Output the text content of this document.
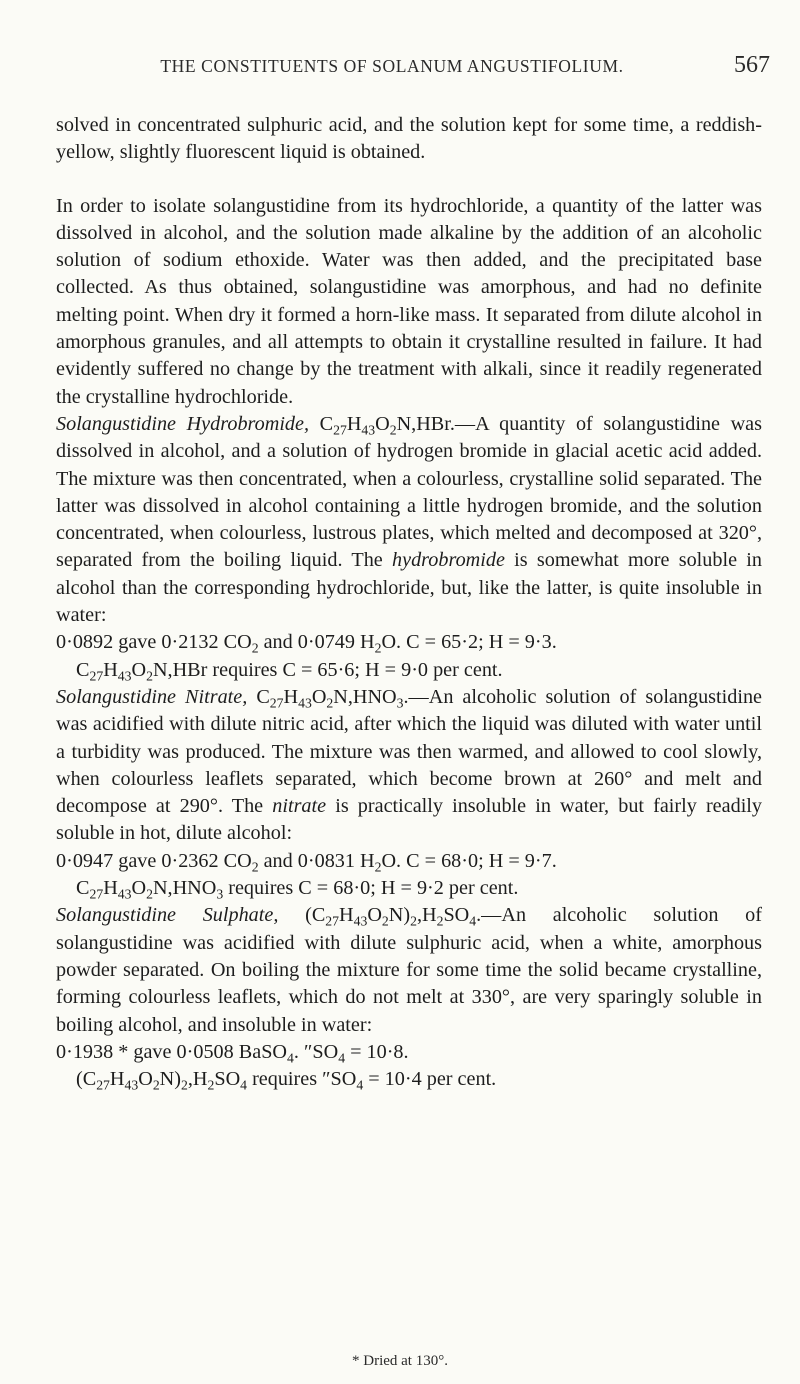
THE CONSTITUENTS OF SOLANUM ANGUSTIFOLIUM.	567

solved in concentrated sulphuric acid, and the solution kept for some time, a reddish-yellow, slightly fluorescent liquid is obtained.

In order to isolate solangustidine from its hydrochloride, a quantity of the latter was dissolved in alcohol, and the solution made alkaline by the addition of an alcoholic solution of sodium ethoxide. Water was then added, and the precipitated base collected. As thus obtained, solangustidine was amorphous, and had no definite melting point. When dry it formed a horn-like mass. It separated from dilute alcohol in amorphous granules, and all attempts to obtain it crystalline resulted in failure. It had evidently suffered no change by the treatment with alkali, since it readily regenerated the crystalline hydrochloride.

Solangustidine Hydrobromide, $C_{27}H_{43}O_2N,HBr.—A$ quantity of solangustidine was dissolved in alcohol, and a solution of hydrogen bromide in glacial acetic acid added. The mixture was then concentrated, when a colourless, crystalline solid separated. The latter was dissolved in alcohol containing a little hydrogen bromide, and the solution concentrated, when colourless, lustrous plates, which melted and decomposed at 320°, separated from the boiling liquid. The hydrobromide is somewhat more soluble in alcohol than the corresponding hydrochloride, but, like the latter, is quite insoluble in water:

0·0892 gave 0·2132 $CO_2$ and 0·0749 $H_2O$. C = 65·2; H = 9·3.

$C_{27}H_{43}O_2N,HBr$ requires C = 65·6; H = 9·0 per cent.

Solangustidine Nitrate, $C_{27}H_{43}O_2N,HNO_3.—An$ alcoholic solution of solangustidine was acidified with dilute nitric acid, after which the liquid was diluted with water until a turbidity was produced. The mixture was then warmed, and allowed to cool slowly, when colourless leaflets separated, which become brown at 260° and melt and decompose at 290°. The nitrate is practically insoluble in water, but fairly readily soluble in hot, dilute alcohol:

0·0947 gave 0·2362 $CO_2$ and 0·0831 $H_2O$. C = 68·0; H = 9·7.

$C_{27}H_{43}O_2N,HNO_3$ requires C = 68·0; H = 9·2 per cent.

Solangustidine Sulphate, $(C_{27}H_{43}O_2N)_2,H_2SO_4.—An$ alcoholic solution of solangustidine was acidified with dilute sulphuric acid, when a white, amorphous powder separated. On boiling the mixture for some time the solid became crystalline, forming colourless leaflets, which do not melt at 330°, are very sparingly soluble in boiling alcohol, and insoluble in water:

0·1938 * gave 0·0508 BaSO$_4$. $''SO_4 = 10\cdot 8$.

$(C_{27}H_{43}O_2N)_2,H_2SO_4$ requires $''SO_4 = 10\cdot 4$ per cent.

* Dried at 130°.
